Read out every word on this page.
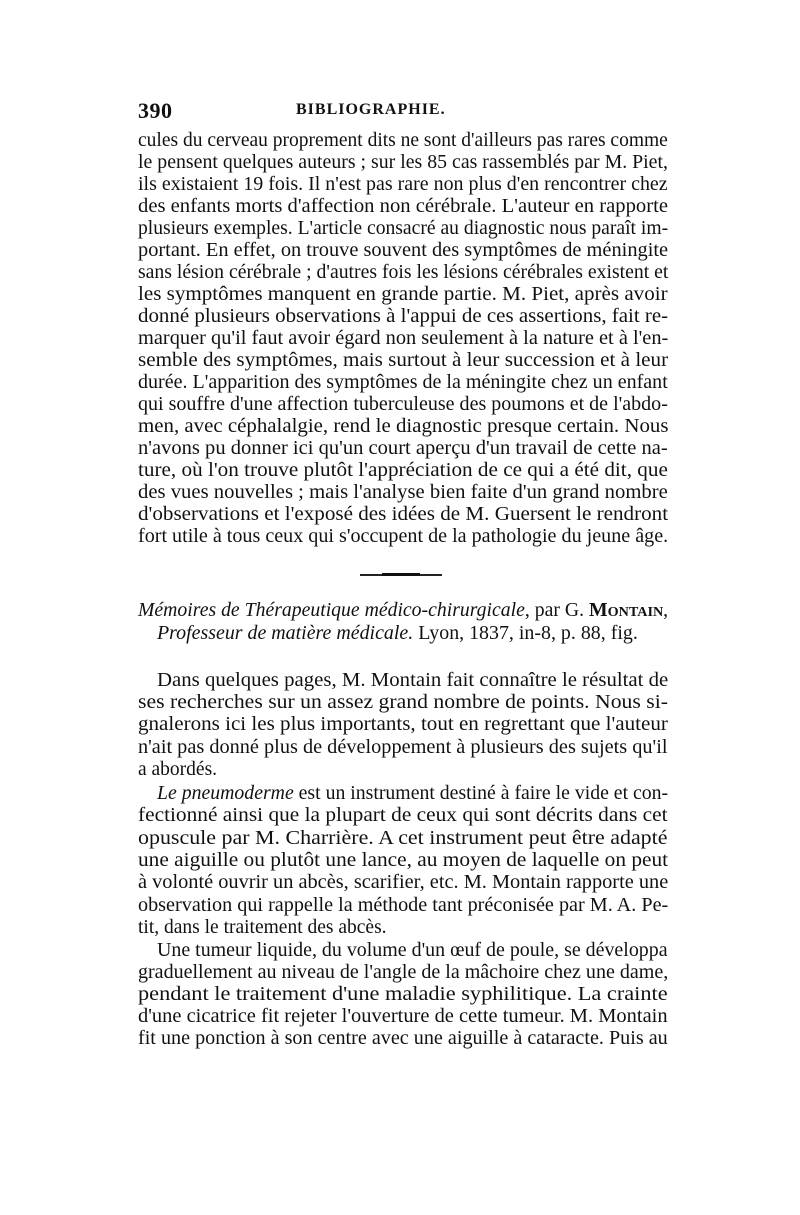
390	BIBLIOGRAPHIE.
cules du cerveau proprement dits ne sont d'ailleurs pas rares comme
le pensent quelques auteurs ; sur les 85 cas rassemblés par M. Piet,
ils existaient 19 fois. Il n'est pas rare non plus d'en rencontrer chez
des enfants morts d'affection non cérébrale. L'auteur en rapporte
plusieurs exemples. L'article consacré au diagnostic nous paraît im-
portant. En effet, on trouve souvent des symptômes de méningite
sans lésion cérébrale ; d'autres fois les lésions cérébrales existent et
les symptômes manquent en grande partie. M. Piet, après avoir
donné plusieurs observations à l'appui de ces assertions, fait re-
marquer qu'il faut avoir égard non seulement à la nature et à l'en-
semble des symptômes, mais surtout à leur succession et à leur
durée. L'apparition des symptômes de la méningite chez un enfant
qui souffre d'une affection tuberculeuse des poumons et de l'abdo-
men, avec céphalalgie, rend le diagnostic presque certain. Nous
n'avons pu donner ici qu'un court aperçu d'un travail de cette na-
ture, où l'on trouve plutôt l'appréciation de ce qui a été dit, que
des vues nouvelles ; mais l'analyse bien faite d'un grand nombre
d'observations et l'exposé des idées de M. Guersent le rendront
fort utile à tous ceux qui s'occupent de la pathologie du jeune âge.
Mémoires de Thérapeutique médico-chirurgicale, par G. Montain,
Professeur de matière médicale. Lyon, 1837, in-8, p. 88, fig.
Dans quelques pages, M. Montain fait connaître le résultat de
ses recherches sur un assez grand nombre de points. Nous si-
gnalerons ici les plus importants, tout en regrettant que l'auteur
n'ait pas donné plus de développement à plusieurs des sujets qu'il
a abordés.
Le pneumoderme est un instrument destiné à faire le vide et con-
fectionné ainsi que la plupart de ceux qui sont décrits dans cet
opuscule par M. Charrière. A cet instrument peut être adapté
une aiguille ou plutôt une lance, au moyen de laquelle on peut
à volonté ouvrir un abcès, scarifier, etc. M. Montain rapporte une
observation qui rappelle la méthode tant préconisée par M. A. Pe-
tit, dans le traitement des abcès.
Une tumeur liquide, du volume d'un œuf de poule, se développa
graduellement au niveau de l'angle de la mâchoire chez une dame,
pendant le traitement d'une maladie syphilitique. La crainte
d'une cicatrice fit rejeter l'ouverture de cette tumeur. M. Montain
fit une ponction à son centre avec une aiguille à cataracte. Puis au
